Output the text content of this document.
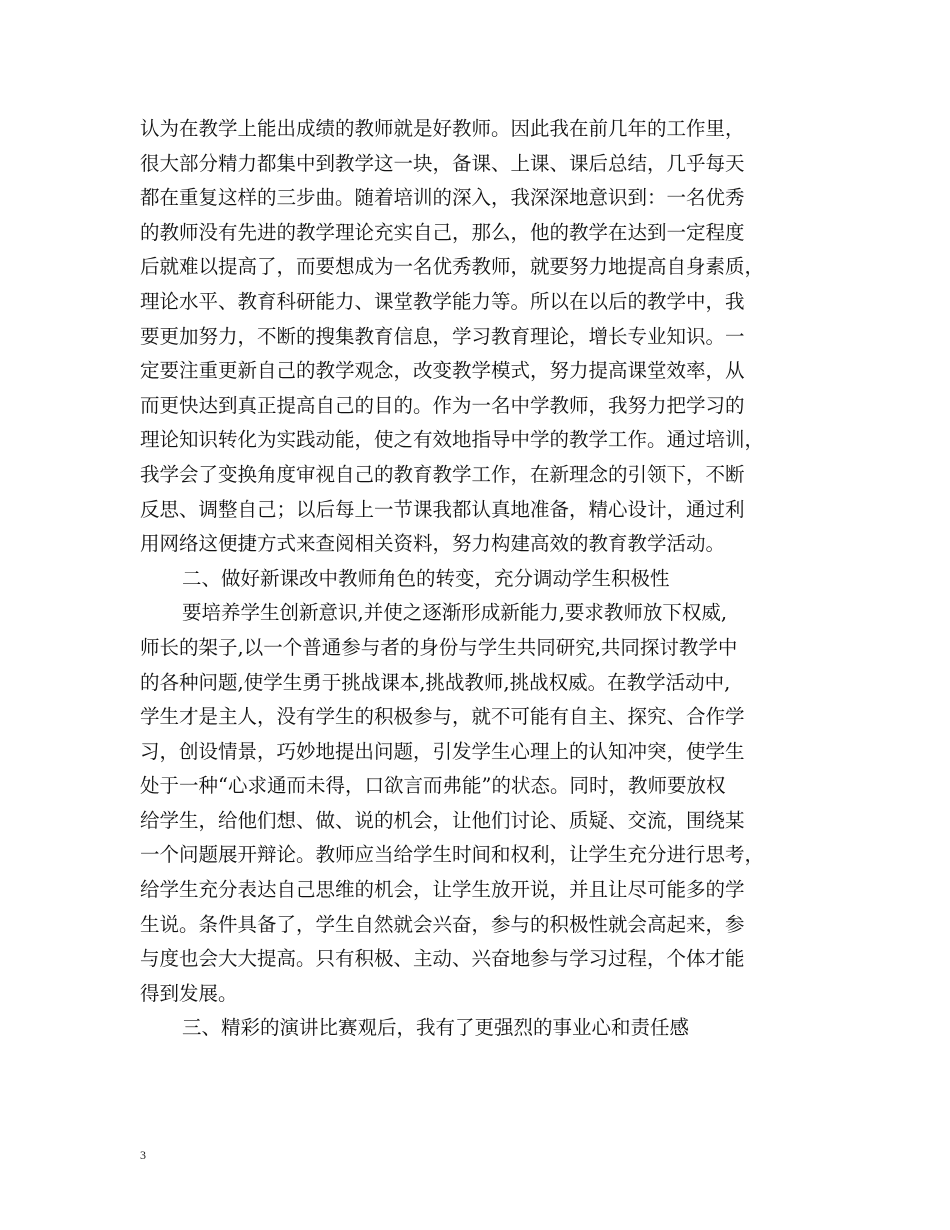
认为在教学上能出成绩的教师就是好教师。因此我在前几年的工作里，
很大部分精力都集中到教学这一块，备课、上课、课后总结，几乎每天
都在重复这样的三步曲。随着培训的深入，我深深地意识到：一名优秀
的教师没有先进的教学理论充实自己，那么，他的教学在达到一定程度
后就难以提高了，而要想成为一名优秀教师，就要努力地提高自身素质，
理论水平、教育科研能力、课堂教学能力等。所以在以后的教学中，我
要更加努力，不断的搜集教育信息，学习教育理论，增长专业知识。一
定要注重更新自己的教学观念，改变教学模式，努力提高课堂效率，从
而更快达到真正提高自己的目的。作为一名中学教师，我努力把学习的
理论知识转化为实践动能，使之有效地指导中学的教学工作。通过培训，
我学会了变换角度审视自己的教育教学工作，在新理念的引领下，不断
反思、调整自己；以后每上一节课我都认真地准备，精心设计，通过利
用网络这便捷方式来查阅相关资料，努力构建高效的教育教学活动。
二、做好新课改中教师角色的转变，充分调动学生积极性
要培养学生创新意识,并使之逐渐形成新能力,要求教师放下权威,
师长的架子,以一个普通参与者的身份与学生共同研究,共同探讨教学中
的各种问题,使学生勇于挑战课本,挑战教师,挑战权威。在教学活动中,
学生才是主人，没有学生的积极参与，就不可能有自主、探究、合作学
习，创设情景，巧妙地提出问题，引发学生心理上的认知冲突，使学生
处于一种“心求通而未得，口欲言而弗能”的状态。同时，教师要放权
给学生，给他们想、做、说的机会，让他们讨论、质疑、交流，围绕某
一个问题展开辩论。教师应当给学生时间和权利，让学生充分进行思考，
给学生充分表达自己思维的机会，让学生放开说，并且让尽可能多的学
生说。条件具备了，学生自然就会兴奋，参与的积极性就会高起来，参
与度也会大大提高。只有积极、主动、兴奋地参与学习过程，个体才能
得到发展。
三、精彩的演讲比赛观后，我有了更强烈的事业心和责任感
3
